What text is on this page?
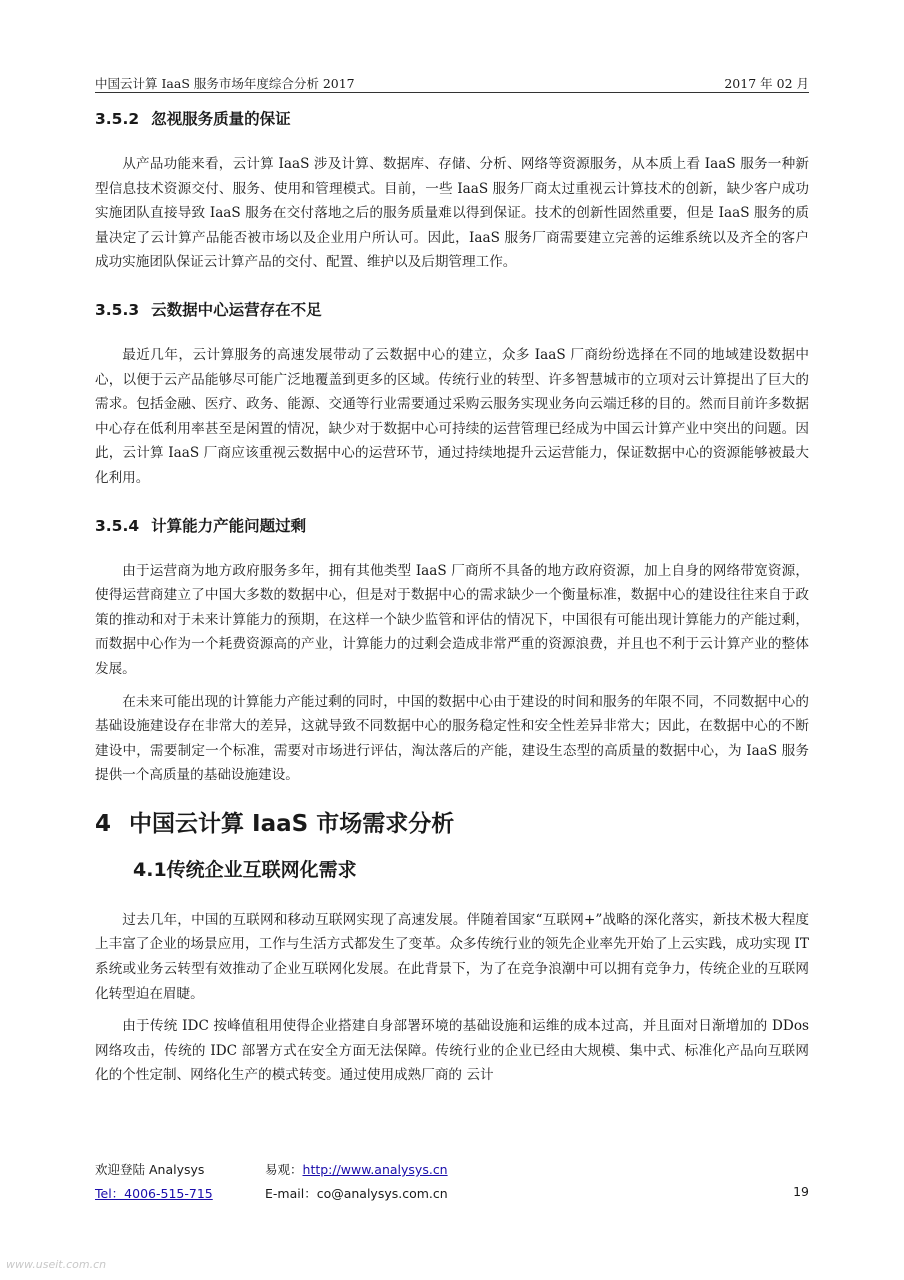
中国云计算 IaaS 服务市场年度综合分析 2017	2017 年 02 月
3.5.2 忽视服务质量的保证

从产品功能来看，云计算 IaaS 涉及计算、数据库、存储、分析、网络等资源服务，从本质上看 IaaS 服务一种新型信息技术资源交付、服务、使用和管理模式。目前，一些 IaaS 服务厂商太过重视云计算技术的创新，缺少客户成功实施团队直接导致 IaaS 服务在交付落地之后的服务质量难以得到保证。技术的创新性固然重要，但是 IaaS 服务的质量决定了云计算产品能否被市场以及企业用户所认可。因此，IaaS 服务厂商需要建立完善的运维系统以及齐全的客户成功实施团队保证云计算产品的交付、配置、维护以及后期管理工作。

3.5.3 云数据中心运营存在不足

最近几年，云计算服务的高速发展带动了云数据中心的建立，众多 IaaS 厂商纷纷选择在不同的地域建设数据中心，以便于云产品能够尽可能广泛地覆盖到更多的区域。传统行业的转型、许多智慧城市的立项对云计算提出了巨大的需求。包括金融、医疗、政务、能源、交通等行业需要通过采购云服务实现业务向云端迁移的目的。然而目前许多数据中心存在低利用率甚至是闲置的情况，缺少对于数据中心可持续的运营管理已经成为中国云计算产业中突出的问题。因此，云计算 IaaS 厂商应该重视云数据中心的运营环节，通过持续地提升云运营能力，保证数据中心的资源能够被最大化利用。

3.5.4 计算能力产能问题过剩

由于运营商为地方政府服务多年，拥有其他类型 IaaS 厂商所不具备的地方政府资源，加上自身的网络带宽资源，使得运营商建立了中国大多数的数据中心，但是对于数据中心的需求缺少一个衡量标准，数据中心的建设往往来自于政策的推动和对于未来计算能力的预期，在这样一个缺少监管和评估的情况下，中国很有可能出现计算能力的产能过剩，而数据中心作为一个耗费资源高的产业，计算能力的过剩会造成非常严重的资源浪费，并且也不利于云计算产业的整体发展。

在未来可能出现的计算能力产能过剩的同时，中国的数据中心由于建设的时间和服务的年限不同，不同数据中心的基础设施建设存在非常大的差异，这就导致不同数据中心的服务稳定性和安全性差异非常大；因此，在数据中心的不断建设中，需要制定一个标准，需要对市场进行评估，淘汰落后的产能，建设生态型的高质量的数据中心，为 IaaS 服务提供一个高质量的基础设施建设。

4 中国云计算 IaaS 市场需求分析
4.1传统企业互联网化需求

过去几年，中国的互联网和移动互联网实现了高速发展。伴随着国家“互联网+”战略的深化落实，新技术极大程度上丰富了企业的场景应用，工作与生活方式都发生了变革。众多传统行业的领先企业率先开始了上云实践，成功实现 IT 系统或业务云转型有效推动了企业互联网化发展。在此背景下，为了在竞争浪潮中可以拥有竞争力，传统企业的互联网化转型迫在眉睫。

由于传统 IDC 按峰值租用使得企业搭建自身部署环境的基础设施和运维的成本过高，并且面对日渐增加的 DDos 网络攻击，传统的 IDC 部署方式在安全方面无法保障。传统行业的企业已经由大规模、集中式、标准化产品向互联网化的个性定制、网络化生产的模式转变。通过使用成熟厂商的 云计

欢迎登陆 Analysys	易观：http://www.analysys.cn
Tel：4006-515-715	E-mail：co@analysys.com.cn	19
www.useit.com.cn
